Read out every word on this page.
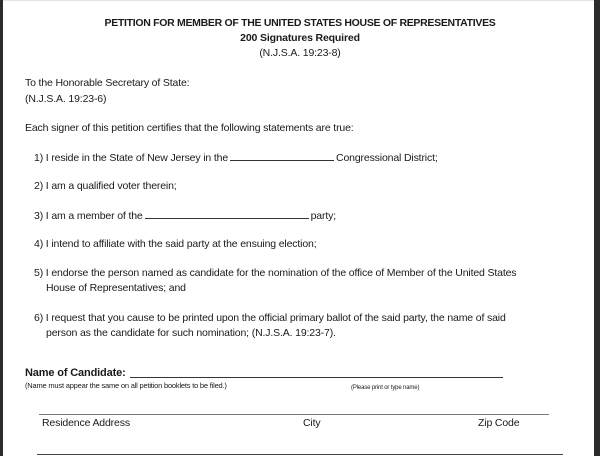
PETITION FOR MEMBER OF THE UNITED STATES HOUSE OF REPRESENTATIVES
200 Signatures Required
(N.J.S.A. 19:23-8)
To the Honorable Secretary of State:
(N.J.S.A. 19:23-6)
Each signer of this petition certifies that the following statements are true:
1) I reside in the State of New Jersey in the	Congressional District;
2) I am a qualified voter therein;
3) I am a member of the	party;
4) I intend to affiliate with the said party at the ensuing election;
5) I endorse the person named as candidate for the nomination of the office of Member of the United States
House of Representatives; and
6) I request that you cause to be printed upon the official primary ballot of the said party, the name of said
person as the candidate for such nomination; (N.J.S.A. 19:23-7).
Name of Candidate:
(Name must appear the same on all petition booklets to be filed.)	(Please print or type name)
Residence Address	City	Zip Code
